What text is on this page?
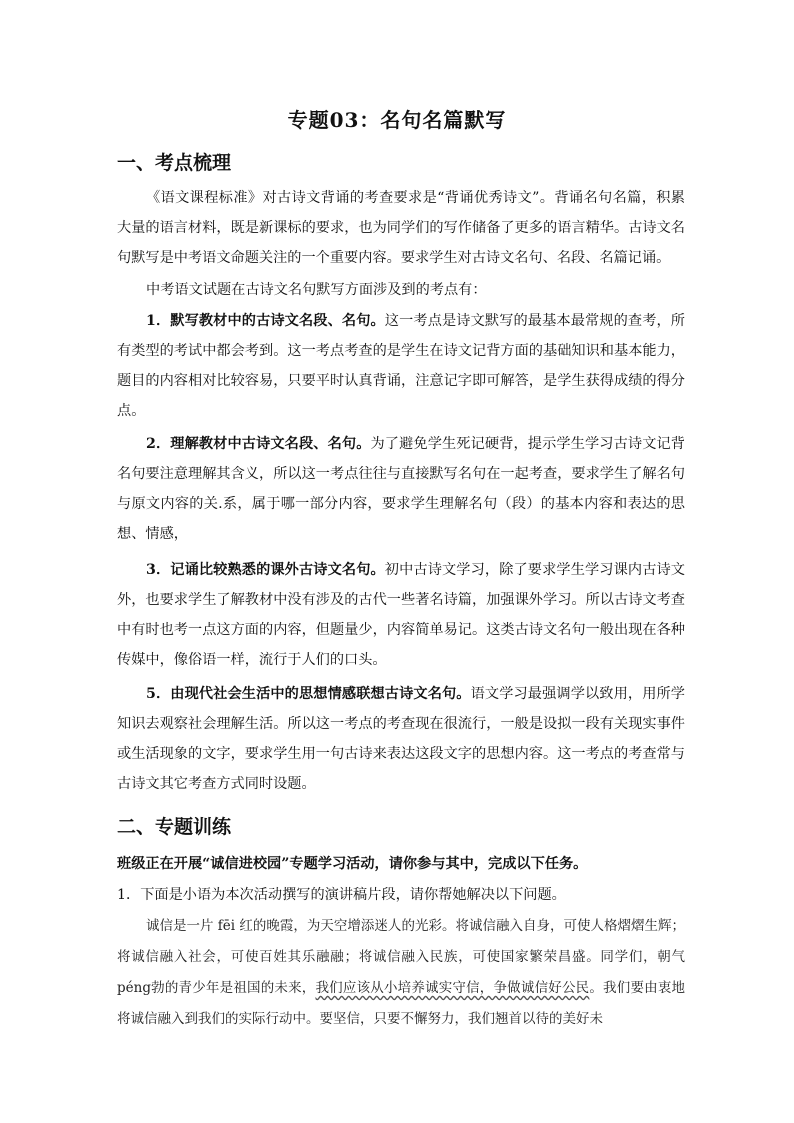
专题03：名句名篇默写
一、考点梳理
《语文课程标准》对古诗文背诵的考查要求是“背诵优秀诗文”。背诵名句名篇，积累大量的语言材料，既是新课标的要求，也为同学们的写作储备了更多的语言精华。古诗文名句默写是中考语文命题关注的一个重要内容。要求学生对古诗文名句、名段、名篇记诵。
中考语文试题在古诗文名句默写方面涉及到的考点有：
1．默写教材中的古诗文名段、名句。这一考点是诗文默写的最基本最常规的查考，所有类型的考试中都会考到。这一考点考查的是学生在诗文记背方面的基础知识和基本能力，题目的内容相对比较容易，只要平时认真背诵，注意记字即可解答，是学生获得成绩的得分点。
2．理解教材中古诗文名段、名句。为了避免学生死记硬背，提示学生学习古诗文记背名句要注意理解其含义，所以这一考点往往与直接默写名句在一起考查，要求学生了解名句与原文内容的关.系，属于哪一部分内容，要求学生理解名句（段）的基本内容和表达的思想、情感，
3．记诵比较熟悉的课外古诗文名句。初中古诗文学习，除了要求学生学习课内古诗文外，也要求学生了解教材中没有涉及的古代一些著名诗篇，加强课外学习。所以古诗文考查中有时也考一点这方面的内容，但题量少，内容简单易记。这类古诗文名句一般出现在各种传媒中，像俗语一样，流行于人们的口头。
5．由现代社会生活中的思想情感联想古诗文名句。语文学习最强调学以致用，用所学知识去观察社会理解生活。所以这一考点的考查现在很流行，一般是设拟一段有关现实事件或生活现象的文字，要求学生用一句古诗来表达这段文字的思想内容。这一考点的考查常与古诗文其它考查方式同时设题。
二、专题训练
班级正在开展“诚信进校园”专题学习活动，请你参与其中，完成以下任务。
1．下面是小语为本次活动撰写的演讲稿片段，请你帮她解决以下问题。
诚信是一片 fēi 红的晚霞，为天空增添迷人的光彩。将诚信融入自身，可使人格熠熠生辉；将诚信融入社会，可使百姓其乐融融；将诚信融入民族，可使国家繁荣昌盛。同学们，朝气péng勃的青少年是祖国的未来，我们应该从小培养诚实守信，争做诚信好公民。我们要由衷地将诚信融入到我们的实际行动中。要坚信，只要不懈努力，我们翘首以待的美好未
